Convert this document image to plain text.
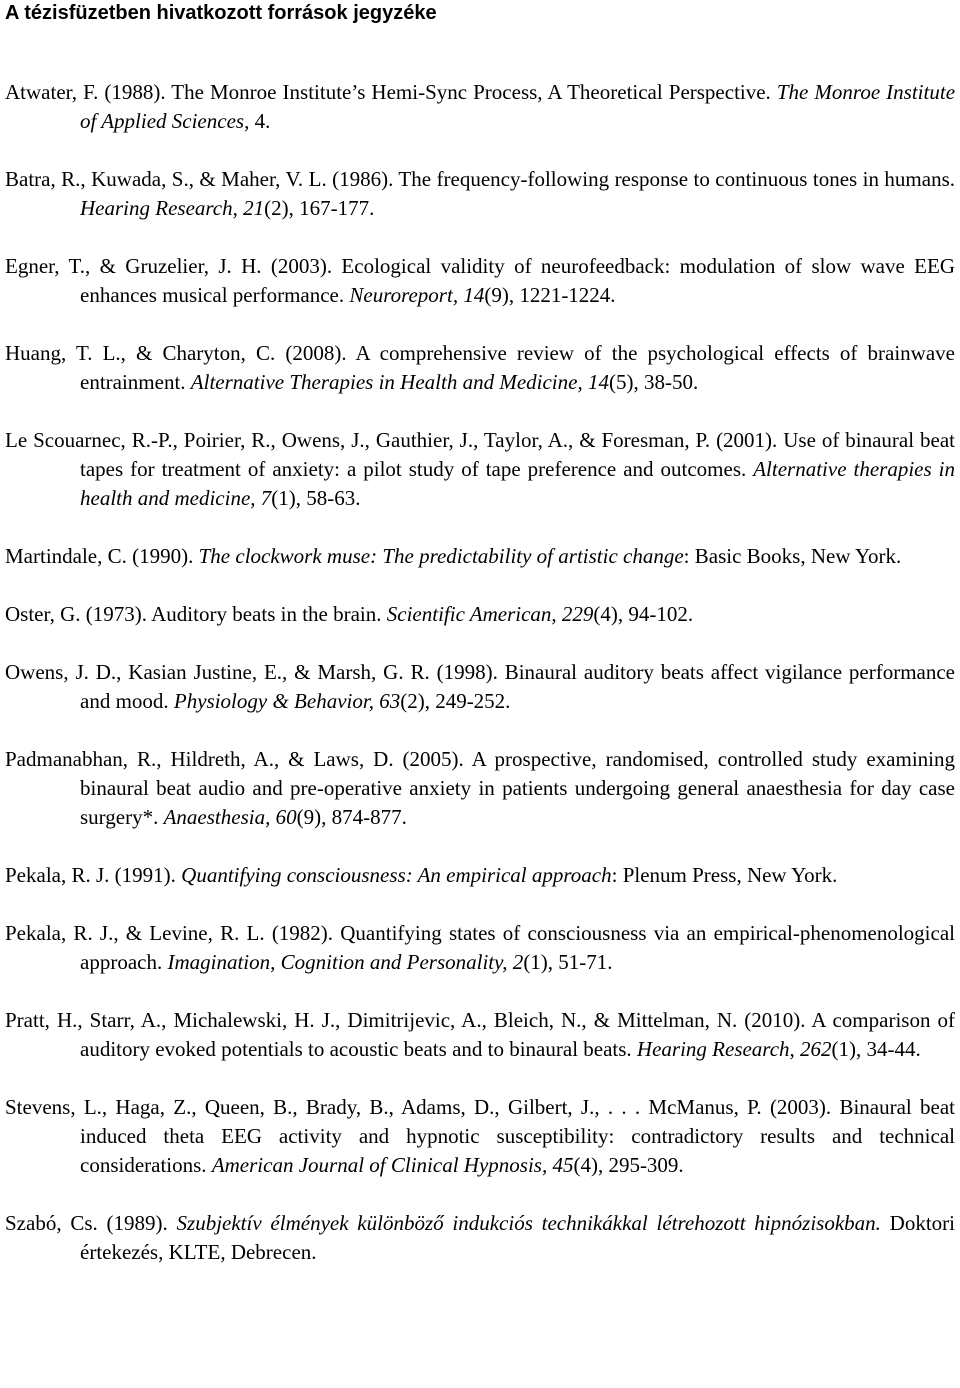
A tézisfüzetben hivatkozott források jegyzéke

Atwater, F. (1988). The Monroe Institute’s Hemi-Sync Process, A Theoretical Perspective. The Monroe Institute of Applied Sciences, 4.

Batra, R., Kuwada, S., & Maher, V. L. (1986). The frequency-following response to continuous tones in humans. Hearing Research, 21(2), 167-177.

Egner, T., & Gruzelier, J. H. (2003). Ecological validity of neurofeedback: modulation of slow wave EEG enhances musical performance. Neuroreport, 14(9), 1221-1224.

Huang, T. L., & Charyton, C. (2008). A comprehensive review of the psychological effects of brainwave entrainment. Alternative Therapies in Health and Medicine, 14(5), 38-50.

Le Scouarnec, R.-P., Poirier, R., Owens, J., Gauthier, J., Taylor, A., & Foresman, P. (2001). Use of binaural beat tapes for treatment of anxiety: a pilot study of tape preference and outcomes. Alternative therapies in health and medicine, 7(1), 58-63.

Martindale, C. (1990). The clockwork muse: The predictability of artistic change: Basic Books, New York.

Oster, G. (1973). Auditory beats in the brain. Scientific American, 229(4), 94-102.

Owens, J. D., Kasian Justine, E., & Marsh, G. R. (1998). Binaural auditory beats affect vigilance performance and mood. Physiology & Behavior, 63(2), 249-252.

Padmanabhan, R., Hildreth, A., & Laws, D. (2005). A prospective, randomised, controlled study examining binaural beat audio and pre-operative anxiety in patients undergoing general anaesthesia for day case surgery*. Anaesthesia, 60(9), 874-877.

Pekala, R. J. (1991). Quantifying consciousness: An empirical approach: Plenum Press, New York.

Pekala, R. J., & Levine, R. L. (1982). Quantifying states of consciousness via an empirical-phenomenological approach. Imagination, Cognition and Personality, 2(1), 51-71.

Pratt, H., Starr, A., Michalewski, H. J., Dimitrijevic, A., Bleich, N., & Mittelman, N. (2010). A comparison of auditory evoked potentials to acoustic beats and to binaural beats. Hearing Research, 262(1), 34-44.

Stevens, L., Haga, Z., Queen, B., Brady, B., Adams, D., Gilbert, J., . . . McManus, P. (2003). Binaural beat induced theta EEG activity and hypnotic susceptibility: contradictory results and technical considerations. American Journal of Clinical Hypnosis, 45(4), 295-309.

Szabó, Cs. (1989). Szubjektív élmények különböző indukciós technikákkal létrehozott hipnózisokban. Doktori értekezés, KLTE, Debrecen.
